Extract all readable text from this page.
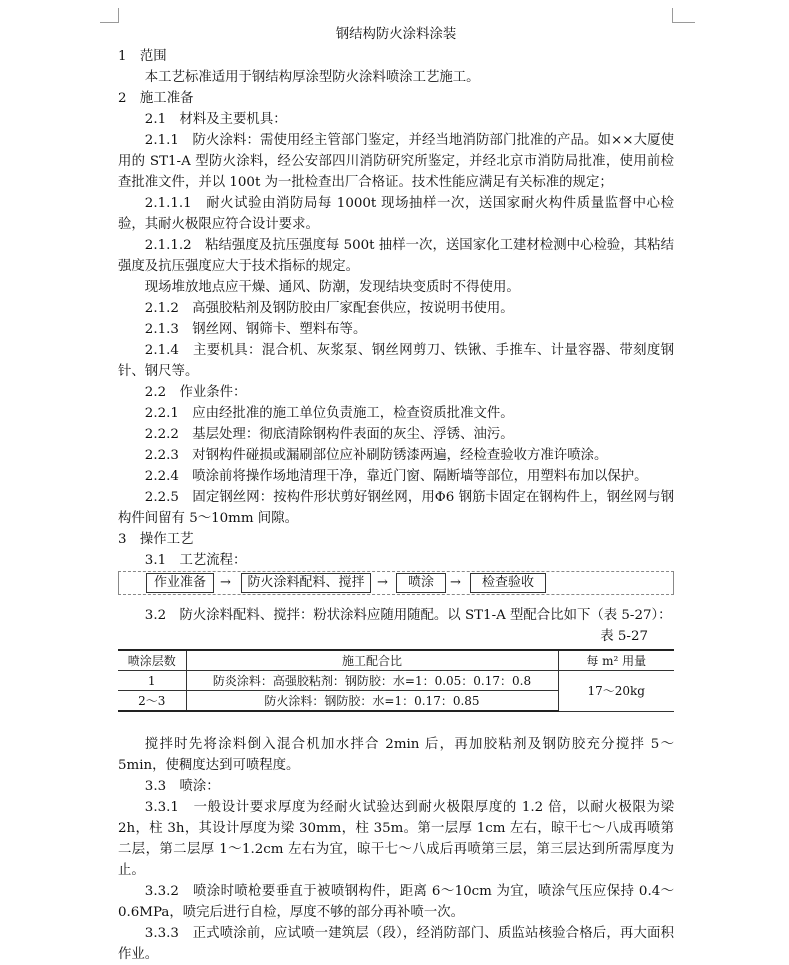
钢结构防火涂料涂装

1　范围

本工艺标准适用于钢结构厚涂型防火涂料喷涂工艺施工。

2　施工准备

2.1　材料及主要机具：

2.1.1　防火涂料：需使用经主管部门鉴定，并经当地消防部门批准的产品。如××大厦使用的 ST1-A 型防火涂料，经公安部四川消防研究所鉴定，并经北京市消防局批准，使用前检查批准文件，并以 100t 为一批检查出厂合格证。技术性能应满足有关标准的规定；

2.1.1.1　耐火试验由消防局每 1000t 现场抽样一次，送国家耐火构件质量监督中心检验，其耐火极限应符合设计要求。

2.1.1.2　粘结强度及抗压强度每 500t 抽样一次，送国家化工建材检测中心检验，其粘结强度及抗压强度应大于技术指标的规定。

现场堆放地点应干燥、通风、防潮，发现结块变质时不得使用。

2.1.2　高强胶粘剂及钢防胶由厂家配套供应，按说明书使用。

2.1.3　钢丝网、钢筛卡、塑料布等。

2.1.4　主要机具：混合机、灰浆泵、钢丝网剪刀、铁锹、手推车、计量容器、带刻度钢针、钢尺等。

2.2　作业条件：

2.2.1　应由经批准的施工单位负责施工，检查资质批准文件。

2.2.2　基层处理：彻底清除钢构件表面的灰尘、浮锈、油污。

2.2.3　对钢构件碰损或漏刷部位应补刷防锈漆两遍，经检查验收方准许喷涂。

2.2.4　喷涂前将操作场地清理干净，靠近门窗、隔断墙等部位，用塑料布加以保护。

2.2.5　固定钢丝网：按构件形状剪好钢丝网，用Φ6 钢筋卡固定在钢构件上，钢丝网与钢构件间留有 5～10mm 间隙。

3　操作工艺

3.1　工艺流程：

作业准备	→	防火涂料配料、搅拌 →	喷涂	→	检查验收

3.2　防火涂料配料、搅拌：粉状涂料应随用随配。以 ST1-A 型配合比如下（表 5-27）：

表 5-27
喷涂层数	施工配合比	每 m² 用量
1	防炎涂料：高强胶粘剂：钢防胶：水=1：0.05：0.17：0.8	17～20kg
2～3	防火涂料：钢防胶：水=1：0.17：0.85	

搅拌时先将涂料倒入混合机加水拌合 2min 后，再加胶粘剂及钢防胶充分搅拌 5～5min，使稠度达到可喷程度。

3.3　喷涂：

3.3.1　一般设计要求厚度为经耐火试验达到耐火极限厚度的 1.2 倍，以耐火极限为梁 2h，柱 3h，其设计厚度为梁 30mm，柱 35m。第一层厚 1cm 左右，晾干七～八成再喷第二层，第二层厚 1～1.2cm 左右为宜，晾干七～八成后再喷第三层，第三层达到所需厚度为止。

3.3.2　喷涂时喷枪要垂直于被喷钢构件，距离 6～10cm 为宜，喷涂气压应保持 0.4～0.6MPa，喷完后进行自检，厚度不够的部分再补喷一次。

3.3.3　正式喷涂前，应试喷一建筑层（段），经消防部门、质监站核验合格后，再大面积作业。
